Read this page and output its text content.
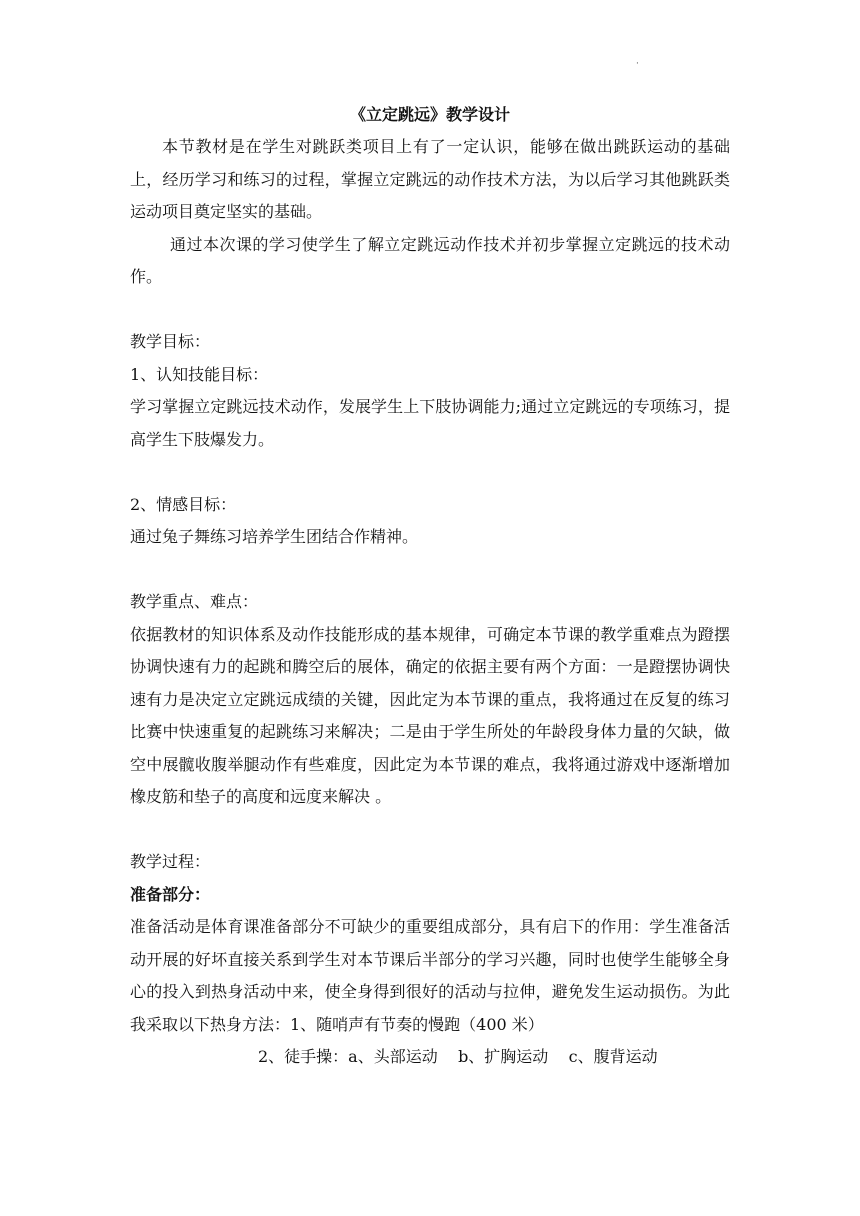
·

《立定跳远》教学设计

本节教材是在学生对跳跃类项目上有了一定认识，能够在做出跳跃运动的基础上，经历学习和练习的过程，掌握立定跳远的动作技术方法，为以后学习其他跳跃类运动项目奠定坚实的基础。

通过本次课的学习使学生了解立定跳远动作技术并初步掌握立定跳远的技术动作。

教学目标：

1、认知技能目标：

学习掌握立定跳远技术动作，发展学生上下肢协调能力;通过立定跳远的专项练习，提高学生下肢爆发力。

2、情感目标：

通过兔子舞练习培养学生团结合作精神。

教学重点、难点：

依据教材的知识体系及动作技能形成的基本规律，可确定本节课的教学重难点为蹬摆协调快速有力的起跳和腾空后的展体，确定的依据主要有两个方面：一是蹬摆协调快速有力是决定立定跳远成绩的关键，因此定为本节课的重点，我将通过在反复的练习比赛中快速重复的起跳练习来解决；二是由于学生所处的年龄段身体力量的欠缺，做空中展髋收腹举腿动作有些难度，因此定为本节课的难点，我将通过游戏中逐渐增加橡皮筋和垫子的高度和远度来解决 。

教学过程：

准备部分：

准备活动是体育课准备部分不可缺少的重要组成部分，具有启下的作用：学生准备活动开展的好坏直接关系到学生对本节课后半部分的学习兴趣，同时也使学生能够全身心的投入到热身活动中来，使全身得到很好的活动与拉伸，避免发生运动损伤。为此我采取以下热身方法：1、随哨声有节奏的慢跑（400 米）

2、徒手操：a、头部运动    b、扩胸运动    c、腹背运动
